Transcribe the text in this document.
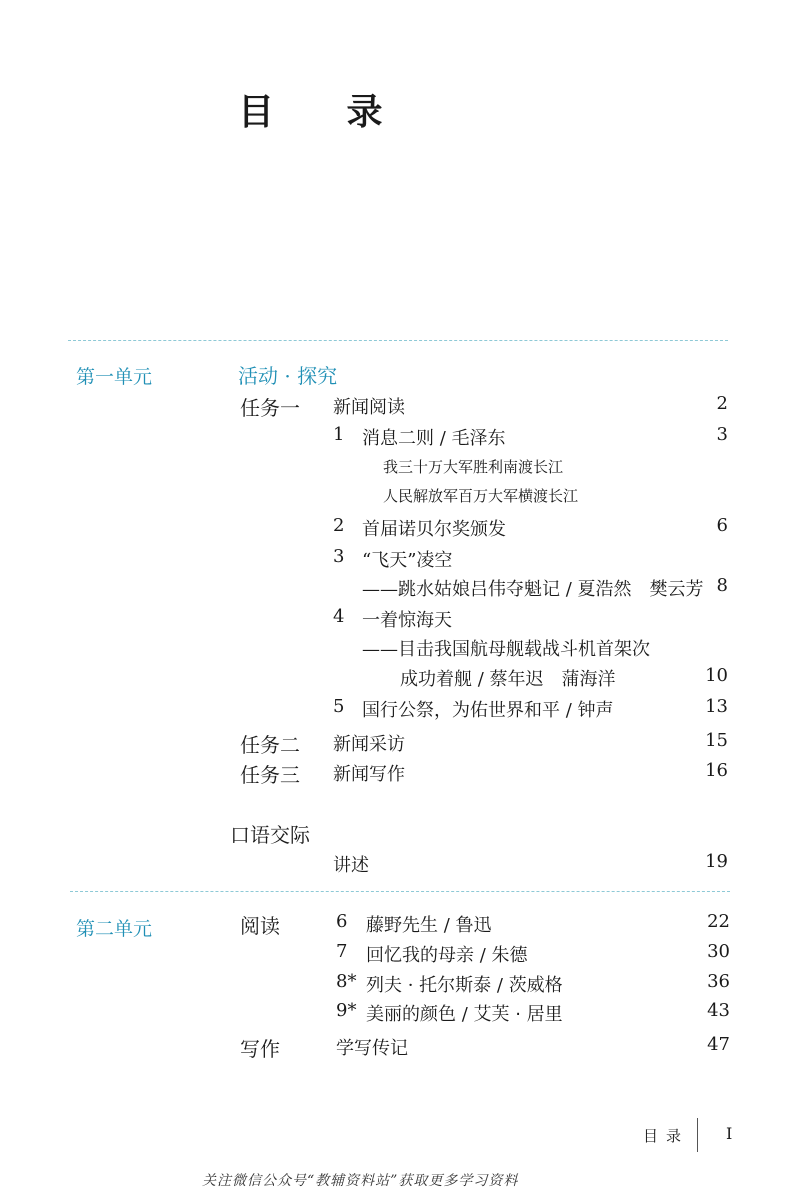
目 录
第一单元	活动 · 探究
任务一 新闻阅读	2
1 消息二则 / 毛泽东	3
我三十万大军胜利南渡长江
人民解放军百万大军横渡长江
2 首届诺贝尔奖颁发	6
3 “飞天”凌空
——跳水姑娘吕伟夺魁记 / 夏浩然　樊云芳 8
4 一着惊海天
——目击我国航母舰载战斗机首架次
成功着舰 / 蔡年迟　蒲海洋	10
5 国行公祭，为佑世界和平 / 钟声	13
任务二 新闻采访	15
任务三 新闻写作	16
口语交际
讲述	19
第二单元	阅读	6 藤野先生 / 鲁迅	22
7 回忆我的母亲 / 朱德	30
8* 列夫 · 托尔斯泰 / 茨威格	36
9* 美丽的颜色 / 艾芙 · 居里	43
写作	学写传记	47
目录 I
关注微信公众号“教辅资料站”获取更多学习资料
